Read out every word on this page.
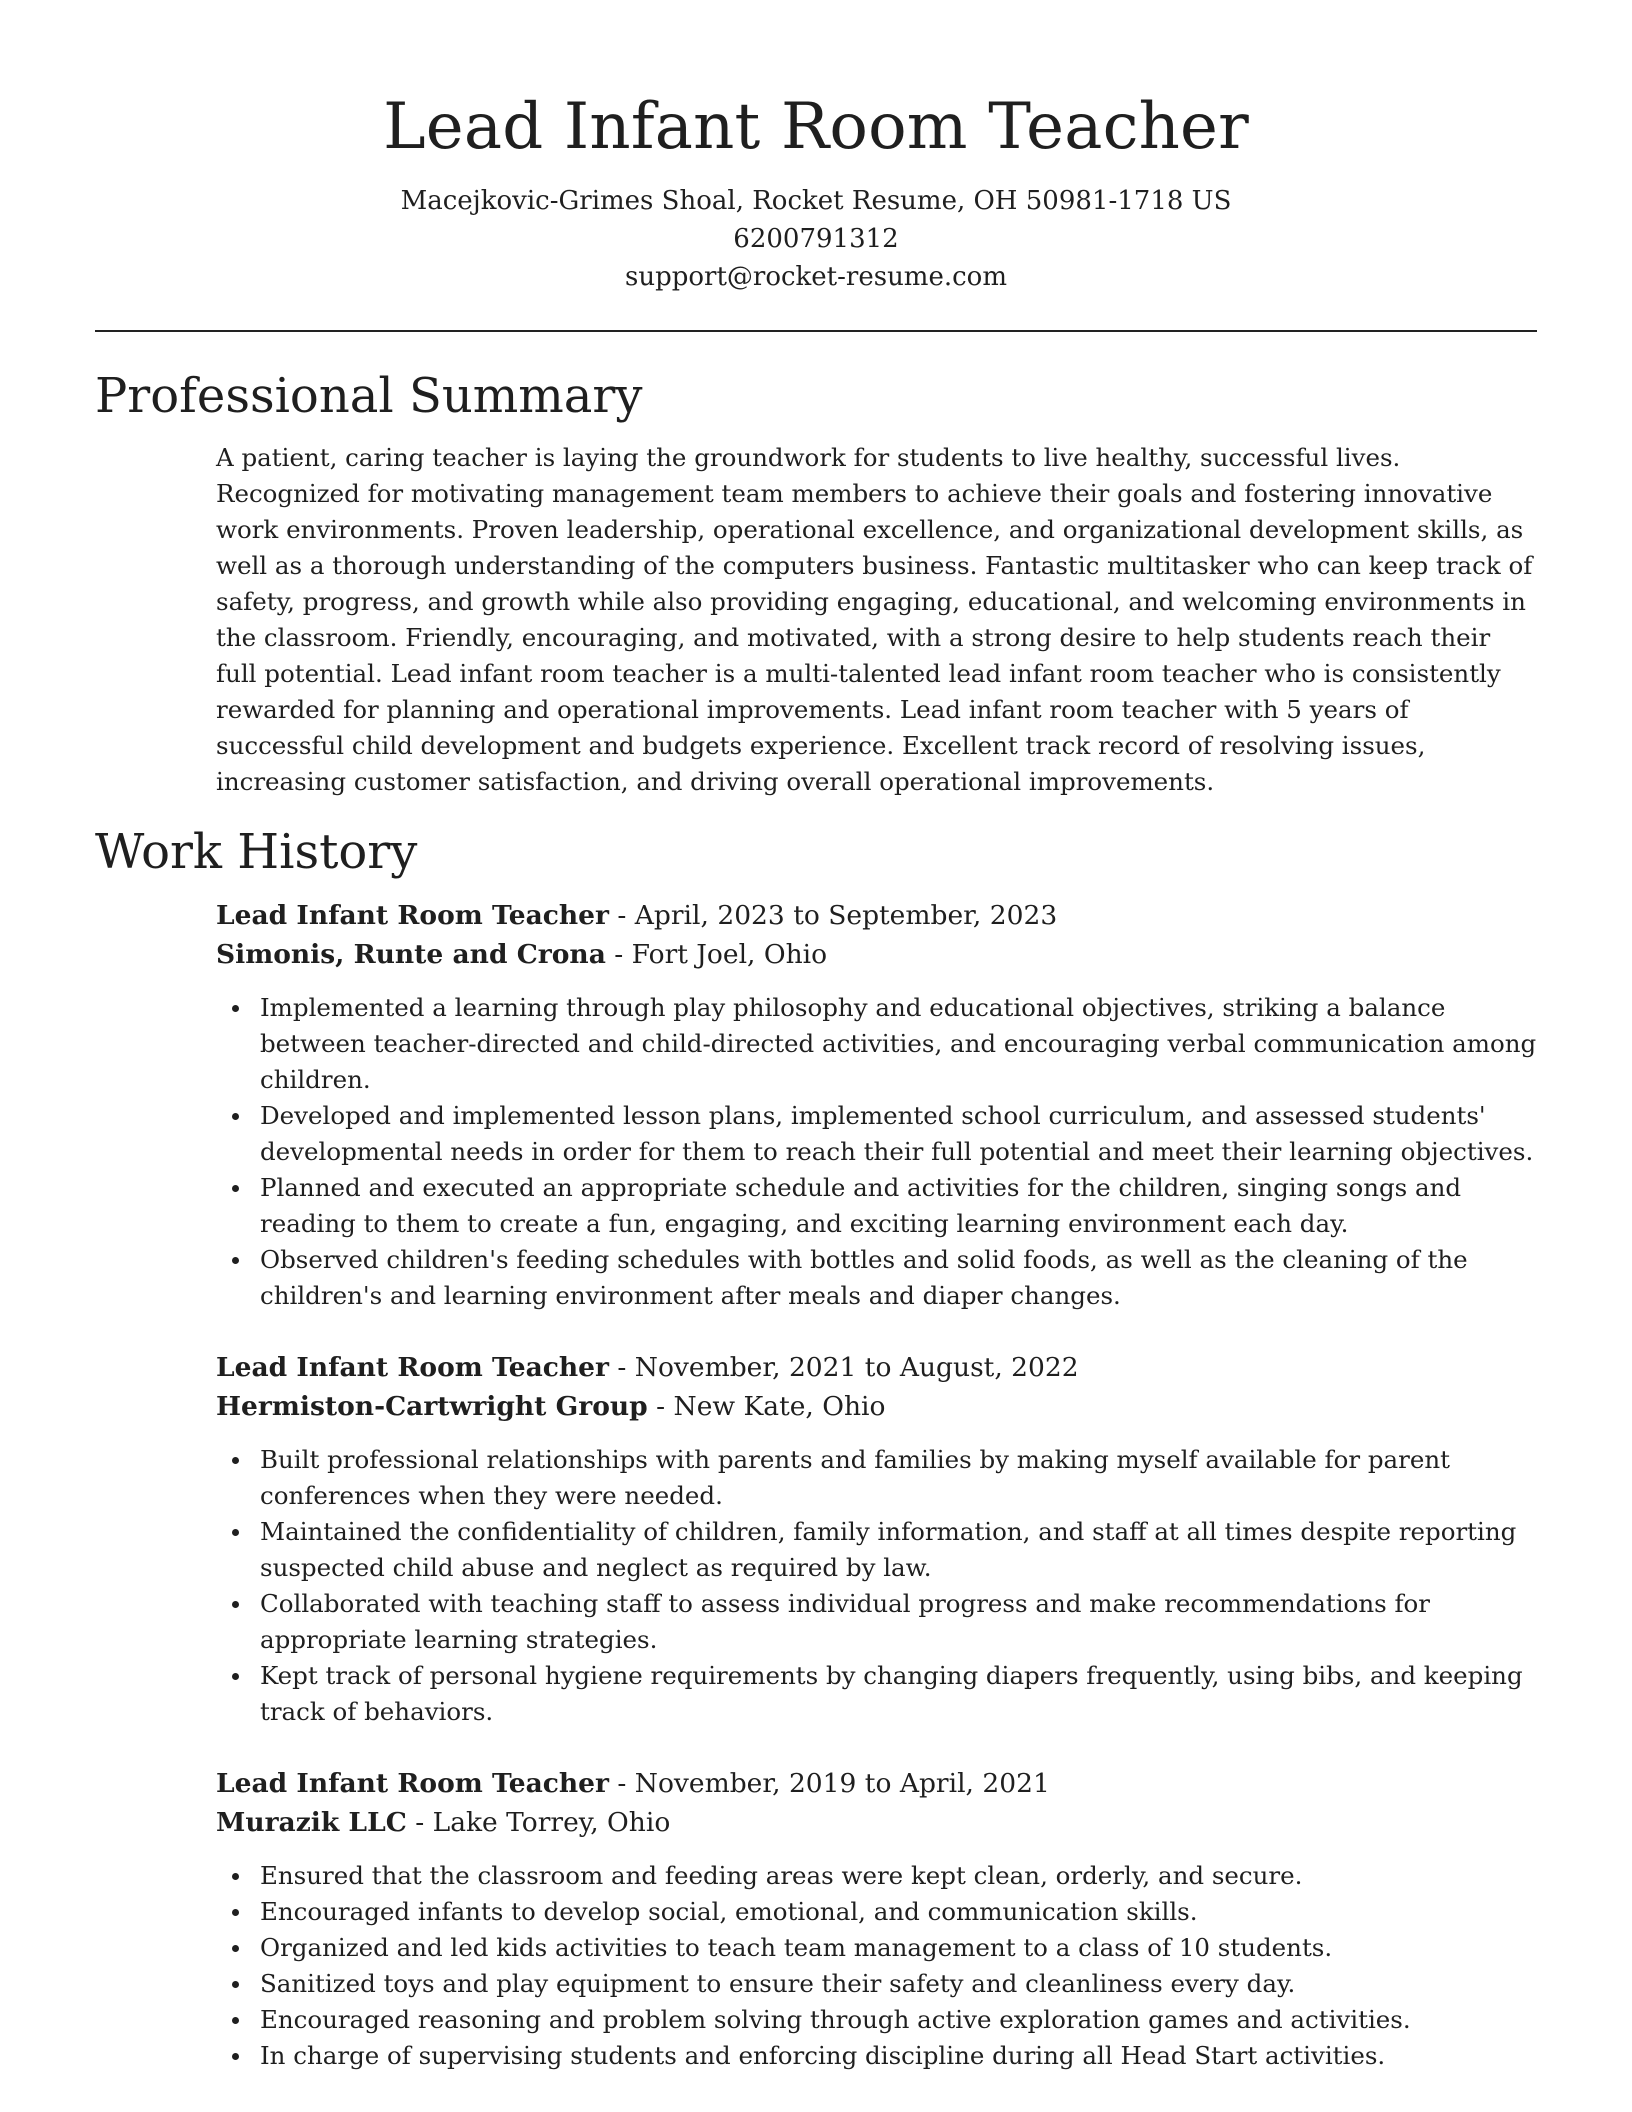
Lead Infant Room Teacher
Macejkovic-Grimes Shoal, Rocket Resume, OH 50981-1718 US
6200791312
support@rocket-resume.com
Professional Summary

A patient, caring teacher is laying the groundwork for students to live healthy, successful lives. Recognized for motivating management team members to achieve their goals and fostering innovative work environments. Proven leadership, operational excellence, and organizational development skills, as well as a thorough understanding of the computers business. Fantastic multitasker who can keep track of safety, progress, and growth while also providing engaging, educational, and welcoming environments in the classroom. Friendly, encouraging, and motivated, with a strong desire to help students reach their full potential. Lead infant room teacher is a multi-talented lead infant room teacher who is consistently rewarded for planning and operational improvements. Lead infant room teacher with 5 years of successful child development and budgets experience. Excellent track record of resolving issues, increasing customer satisfaction, and driving overall operational improvements.

Work History
Lead Infant Room Teacher - April, 2023 to September, 2023
Simonis, Runte and Crona - Fort Joel, Ohio
Implemented a learning through play philosophy and educational objectives, striking a balance between teacher-directed and child-directed activities, and encouraging verbal communication among children.
Developed and implemented lesson plans, implemented school curriculum, and assessed students' developmental needs in order for them to reach their full potential and meet their learning objectives.
Planned and executed an appropriate schedule and activities for the children, singing songs and reading to them to create a fun, engaging, and exciting learning environment each day.
Observed children's feeding schedules with bottles and solid foods, as well as the cleaning of the children's and learning environment after meals and diaper changes.
Lead Infant Room Teacher - November, 2021 to August, 2022
Hermiston-Cartwright Group - New Kate, Ohio
Built professional relationships with parents and families by making myself available for parent conferences when they were needed.
Maintained the confidentiality of children, family information, and staff at all times despite reporting suspected child abuse and neglect as required by law.
Collaborated with teaching staff to assess individual progress and make recommendations for appropriate learning strategies.
Kept track of personal hygiene requirements by changing diapers frequently, using bibs, and keeping track of behaviors.
Lead Infant Room Teacher - November, 2019 to April, 2021
Murazik LLC - Lake Torrey, Ohio
Ensured that the classroom and feeding areas were kept clean, orderly, and secure.
Encouraged infants to develop social, emotional, and communication skills.
Organized and led kids activities to teach team management to a class of 10 students.
Sanitized toys and play equipment to ensure their safety and cleanliness every day.
Encouraged reasoning and problem solving through active exploration games and activities.
In charge of supervising students and enforcing discipline during all Head Start activities.
